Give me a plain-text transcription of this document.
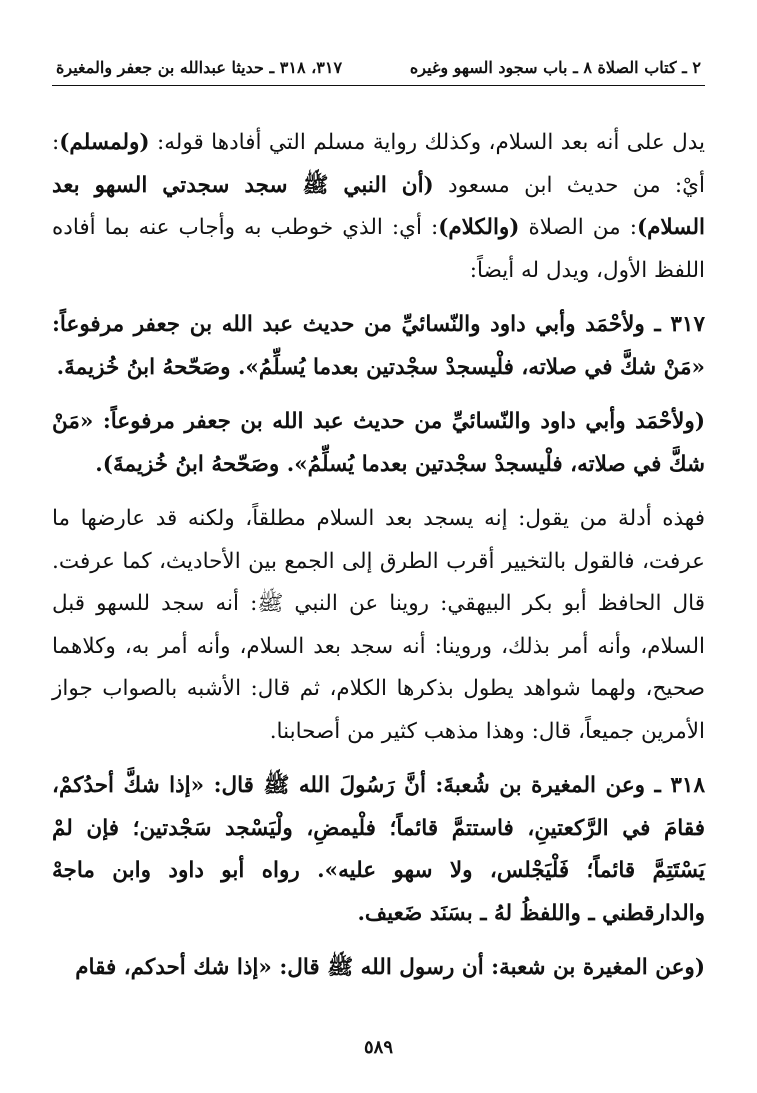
٢ ـ كتاب الصلاة ٨ ـ باب سجود السهو وغيره
٣١٧، ٣١٨ ـ حديثا عبدالله بن جعفر والمغيرة

يدل على أنه بعد السلام، وكذلك رواية مسلم التي أفادها قوله: (ولمسلم): أيْ: من حديث ابن مسعود (أن النبي ﷺ سجد سجدتي السهو بعد السلام): من الصلاة (والكلام): أي: الذي خوطب به وأجاب عنه بما أفاده اللفظ الأول، ويدل له أيضاً:

٣١٧ ـ ولأحْمَد وأبي داود والنّسائيِّ من حديث عبد الله بن جعفر مرفوعاً: «مَنْ شكَّ في صلاته، فلْيسجدْ سجْدتين بعدما يُسلِّمُ». وصَحّحهُ ابنُ خُزيمةَ.

(ولأحْمَد وأبي داود والنّسائيِّ من حديث عبد الله بن جعفر مرفوعاً: «مَنْ شكَّ في صلاته، فلْيسجدْ سجْدتين بعدما يُسلِّمُ». وصَحّحهُ ابنُ خُزيمةَ).

فهذه أدلة من يقول: إنه يسجد بعد السلام مطلقاً، ولكنه قد عارضها ما عرفت، فالقول بالتخيير أقرب الطرق إلى الجمع بين الأحاديث، كما عرفت. قال الحافظ أبو بكر البيهقي: روينا عن النبي ﷺ: أنه سجد للسهو قبل السلام، وأنه أمر بذلك، وروينا: أنه سجد بعد السلام، وأنه أمر به، وكلاهما صحيح، ولهما شواهد يطول بذكرها الكلام، ثم قال: الأشبه بالصواب جواز الأمرين جميعاً، قال: وهذا مذهب كثير من أصحابنا.

٣١٨ ـ وعن المغيرة بن شُعبةَ: أنَّ رَسُولَ الله ﷺ قال: «إذا شكَّ أحدُكمْ، فقامَ في الرَّكعتينِ، فاستتمَّ قائماً؛ فلْيمضِ، ولْيَسْجد سَجْدتين؛ فإن لمْ يَسْتَتِمَّ قائماً؛ فَلْيَجْلس، ولا سهو عليه». رواه أبو داود وابن ماجهْ والدارقطني ـ واللفظُ لهُ ـ بسَنَد ضَعيف.

(وعن المغيرة بن شعبة: أن رسول الله ﷺ قال: «إذا شك أحدكم، فقام

٥٨٩
